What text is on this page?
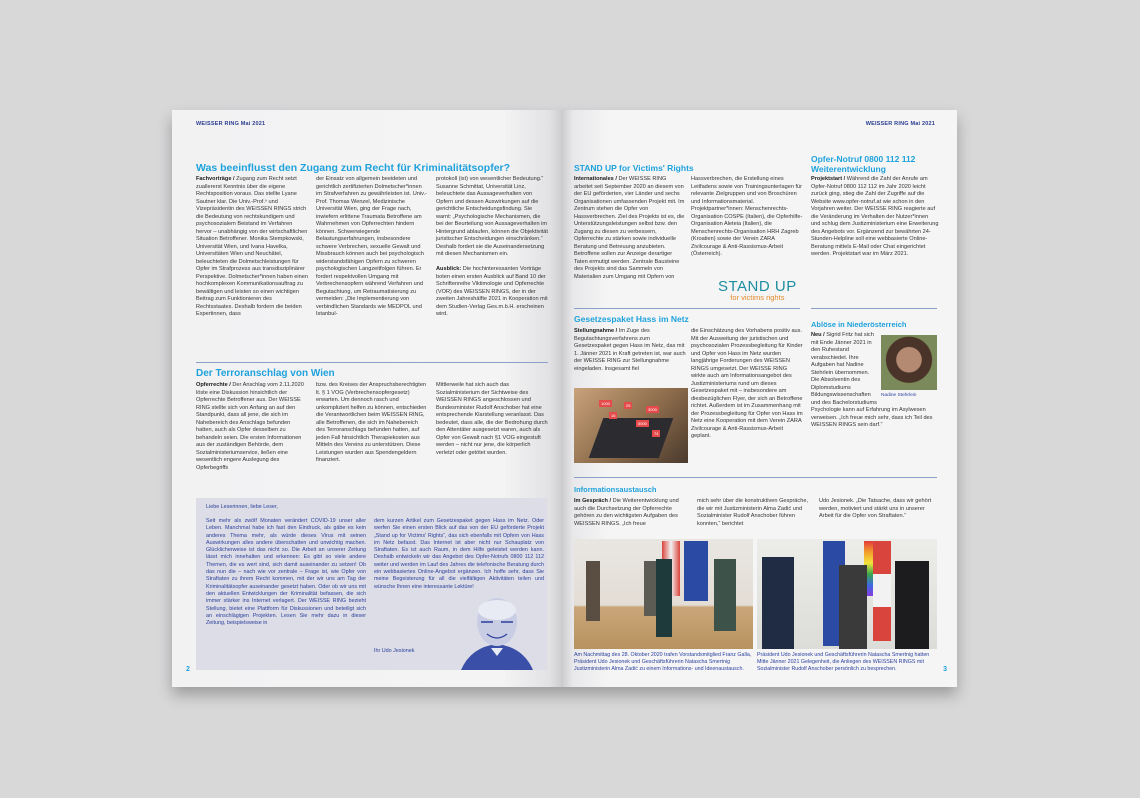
WEISSER RING Mai 2021
Was beeinflusst den Zugang zum Recht für Kriminalitätsopfer?
Fachvorträge / Zugang zum Recht setzt zuallererst Kenntnis über die eigene Rechtsposition voraus. Das stellte Lyane Sautner klar. Die Univ.-Prof.ⁿ und Vizepräsidentin des WEISSEN RINGS strich die Bedeutung von rechtskundigem und psychosozialem Beistand im Verfahren hervor – unabhängig von der wirtschaftlichen Situation Betroffener. Monika Stempkowski, Universität Wien, und Ivana Havelka, Universitäten Wien und Neuchâtel, beleuchteten die Dolmetschleistungen für Opfer im Strafprozess aus transdisziplinärer Perspektive. Dolmetscher*innen haben einen hochkomplexen Kommunikationsauftrag zu bewältigen und leisten so einen wichtigen Beitrag zum Funktionieren des Rechtsstaates. Deshalb fordern die beiden Expertinnen, dass
der Einsatz von allgemein beeideten und gerichtlich zertifizierten Dolmetscher*innen im Strafverfahren zu gewährleisten ist. Univ.-Prof. Thomas Wenzel, Medizinische Universität Wien, ging der Frage nach, inwiefern erlittene Traumata Betroffene am Wahrnehmen von Opferrechten hindern können. Schwerwiegende Belastungserfahrungen, insbesondere schwere Verbrechen, sexuelle Gewalt und Missbrauch können auch bei psychologisch widerstandsfähigen Opfern zu schweren psychologischen Langzeitfolgen führen. Er fordert respektvollen Umgang mit Verbrechensopfern während Verfahren und Begutachtung, um Retraumatisierung zu vermeiden: „Die Implementierung von verbindlichen Standards wie MEDPOL und Istanbul-
protokoll (ist) von wesentlicher Bedeutung.“ Susanne Schmittat, Universität Linz, beleuchtete das Aussageverhalten von Opfern und dessen Auswirkungen auf die gerichtliche Entscheidungsfindung. Sie warnt: „Psychologische Mechanismen, die bei der Beurteilung von Aussageverhalten im Hintergrund ablaufen, können die Objektivität juristischer Entscheidungen einschränken.“ Deshalb fordert sie die Auseinandersetzung mit diesen Mechanismen ein.

Ausblick: Die hochinteressanten Vorträge boten einen ersten Ausblick auf Band 10 der Schriftenreihe Viktimologie und Opferrechte (VOR) des WEISSEN RINGS, der in der zweiten Jahreshälfte 2021 in Kooperation mit dem Studien-Verlag Ges.m.b.H. erscheinen wird.
Der Terroranschlag von Wien
Opferrechte / Der Anschlag vom 2.11.2020 löste eine Diskussion hinsichtlich der Opferrechte Betroffener aus. Der WEISSE RING stellte sich von Anfang an auf den Standpunkt, dass all jene, die sich im Nahebereich des Anschlags befunden hatten, auch als Opfer desselben zu behandeln seien. Die ersten Informationen aus der zuständigen Behörde, dem Sozialministeriumservice, ließen eine wesentlich engere Auslegung des Opferbegriffs
bzw. des Kreises der Anspruchsberechtigten lt. § 1 VOG (Verbrechensopfergesetz) erwarten. Um dennoch rasch und unkompliziert helfen zu können, entschieden die Verantwortlichen beim WEISSEN RING, alle Betroffenen, die sich im Nahebereich des Terroranschlags befunden hatten, auf jeden Fall hinsichtlich Therapiekosten aus Mitteln des Vereins zu unterstützen. Diese Leistungen wurden aus Spendengeldern finanziert.
Mittlerweile hat sich auch das Sozialministerium der Sichtweise des WEISSEN RINGS angeschlossen und Bundesminister Rudolf Anschober hat eine entsprechende Klarstellung veranlasst. Das bedeutet, dass alle, die der Bedrohung durch den Attentäter ausgesetzt waren, auch als Opfer von Gewalt nach §1 VOG eingestuft werden – nicht nur jene, die körperlich verletzt oder getötet wurden.
Liebe Leserinnen, liebe Leser,
Seit mehr als zwölf Monaten verändert COVID-19 unser aller Leben. Manchmal habe ich fast den Eindruck, als gäbe es kein anderes Thema mehr, als würde dieses Virus mit seinen Auswirkungen alles andere überschatten und unwichtig machen. Glücklicherweise ist das nicht so. Die Arbeit an unserer Zeitung lässt mich innehalten und erkennen: Es gibt so viele andere Themen, die es wert sind, sich damit auseinander zu setzen! Ob das nun die – nach wie vor zentrale – Frage ist, wie Opfer von Straftaten zu ihrem Recht kommen, mit der wir uns am Tag der Kriminalitätsopfer auseinander gesetzt haben. Oder ob wir uns mit den aktuellen Entwicklungen der Kriminalität befassen, die sich immer stärker ins Internet verlagert. Der WEISSE RING bezieht Stellung, bietet eine Plattform für Diskussionen und beteiligt sich an einschlägigen Projekten. Lesen Sie mehr dazu in dieser Zeitung, beispielsweise in
dem kurzen Artikel zum Gesetzespaket gegen Hass im Netz. Oder werfen Sie einen ersten Blick auf das von der EU geförderte Projekt „Stand up for Victims' Rights“, das sich ebenfalls mit Opfern von Hass im Netz befasst. Das Internet ist aber nicht nur Schauplatz von Straftaten. Es ist auch Raum, in dem Hilfe geleistet werden kann. Deshalb entwickeln wir das Angebot des Opfer-Notrufs 0800 112 112 weiter und werden im Lauf des Jahres die telefonische Beratung durch ein webbasiertes Online-Angebot ergänzen. Ich hoffe sehr, dass Sie meine Begeisterung für all die vielfältigen Aktivitäten teilen und wünsche Ihnen eine interessante Lektüre!
Ihr Udo Jesionek
2
WEISSER RING Mai 2021
STAND UP for Victims' Rights
Internationales / Der WEISSE RING arbeitet seit September 2020 an diesem von der EU geförderten, vier Länder und sechs Organisationen umfassenden Projekt mit. Im Zentrum stehen die Opfer von Hassverbrechen. Ziel des Projekts ist es, die Unterstützungsleistungen selbst bzw. den Zugang zu diesen zu verbessern, Opferrechte zu stärken sowie individuelle Beratung und Betreuung anzubieten. Betroffene sollen zur Anzeige derartiger Taten ermutigt werden. Zentrale Bausteine des Projekts sind das Sammeln von Materialien zum Umgang mit Opfern von
Hassverbrechen, die Erstellung eines Leitfadens sowie von Trainingsunterlagen für relevante Zielgruppen und von Broschüren und Informationsmaterial. Projektpartner*innen: Menschenrechts-Organisation COSPE (Italien), die Opferhilfe-Organisation Aleteia (Italien), die Menschenrechts-Organisation HRH Zagreb (Kroatien) sowie der Verein ZARA Zivilcourage & Anti-Rassismus-Arbeit (Österreich).
STAND UP
for victims rights
Opfer-Notruf 0800 112 112
Weiterentwicklung
Projektstart / Während die Zahl der Anrufe am Opfer-Notruf 0800 112 112 im Jahr 2020 leicht zurück ging, stieg die Zahl der Zugriffe auf die Website www.opfer-notruf.at wie schon in den Vorjahren weiter. Der WEISSE RING reagierte auf die Veränderung im Verhalten der Nutzer*innen und schlug dem Justizministerium eine Erweiterung des Angebots vor. Ergänzend zur bewährten 24-Stunden-Helpline soll eine webbasierte Online-Beratung mittels E-Mail oder Chat eingerichtet werden. Projektstart war im März 2021.
Gesetzespaket Hass im Netz
Stellungnahme / Im Zuge des Begutachtungsverfahrens zum Gesetzespaket gegen Hass im Netz, das mit 1. Jänner 2021 in Kraft getreten ist, war auch der WEISSE RING zur Stellungnahme eingeladen. Insgesamt fiel
1000	25
3000
16
5000
74
die Einschätzung des Vorhabens positiv aus. Mit der Ausweitung der juristischen und psychosozialen Prozessbegleitung für Kinder und Opfer von Hass im Netz wurden langjährige Forderungen des WEISSEN RINGS umgesetzt. Der WEISSE RING wirkte auch am Informationsangebot des Justizministeriums rund um dieses Gesetzespaket mit – insbesondere am diesbezüglichen Flyer, der sich an Betroffene richtet. Außerdem ist im Zusammenhang mit der Prozessbegleitung für Opfer von Hass im Netz eine Kooperation mit dem Verein ZARA Zivilcourage & Anti-Rassismus-Arbeit geplant.
Ablöse in Niederösterreich
Nadine Stehrlein
Neu / Sigrid Fritz hat sich mit Ende Jänner 2021 in den Ruhestand verabschiedet. Ihre Aufgaben hat Nadine Stehrlein übernommen. Die Absolventin des Diplomstudiums Bildungswissenschaften und des Bachelorstudiums Psychologie kann auf Erfahrung im Asylwesen verweisen. „Ich freue mich sehr, dass ich Teil des WEISSEN RINGS sein darf.“
Informationsaustausch
Im Gespräch / Die Weiterentwicklung und auch die Durchsetzung der Opferrechte gehören zu den wichtigsten Aufgaben des WEISSEN RINGS. „Ich freue
mich sehr über die konstruktiven Gespräche, die wir mit Justizministerin Alma Zadić und Sozialminister Rudolf Anschober führen konnten,“ berichtet
Udo Jesionek. „Die Tatsache, dass wir gehört werden, motiviert und stärkt uns in unserer Arbeit für die Opfer von Straftaten.“
Am Nachmittag des 28. Oktober 2020 trafen Vorstandsmitglied Franz Galla, Präsident Udo Jesionek und Geschäftsführerin Natascha Smertnig Justizministerin Alma Zadić zu einem Informations- und Ideenaustausch.
Präsident Udo Jesionek und Geschäftsführerin Natascha Smertnig hatten Mitte Jänner 2021 Gelegenheit, die Anliegen des WEISSEN RINGS mit Sozialminister Rudolf Anschober persönlich zu besprechen.	3
